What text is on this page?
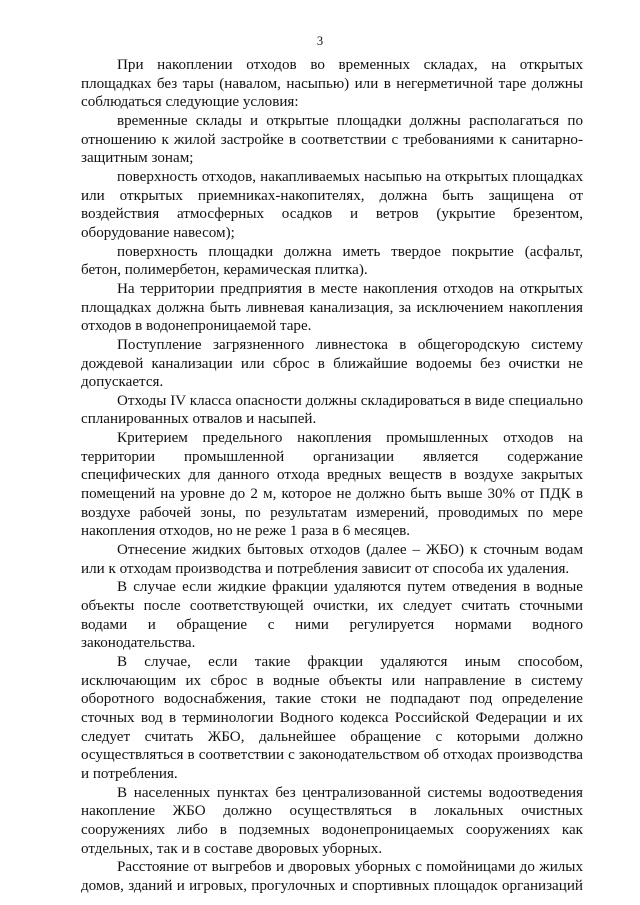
3

При накоплении отходов во временных складах, на открытых площадках без тары (навалом, насыпью) или в негерметичной таре должны соблюдаться следующие условия:

временные склады и открытые площадки должны располагаться по отношению к жилой застройке в соответствии с требованиями к санитарно-защитным зонам;

поверхность отходов, накапливаемых насыпью на открытых площадках или открытых приемниках-накопителях, должна быть защищена от воздействия атмосферных осадков и ветров (укрытие брезентом, оборудование навесом);

поверхность площадки должна иметь твердое покрытие (асфальт, бетон, полимербетон, керамическая плитка).

На территории предприятия в месте накопления отходов на открытых площадках должна быть ливневая канализация, за исключением накопления отходов в водонепроницаемой таре.

Поступление загрязненного ливнестока в общегородскую систему дождевой канализации или сброс в ближайшие водоемы без очистки не допускается.

Отходы IV класса опасности должны складироваться в виде специально спланированных отвалов и насыпей.

Критерием предельного накопления промышленных отходов на территории промышленной организации является содержание специфических для данного отхода вредных веществ в воздухе закрытых помещений на уровне до 2 м, которое не должно быть выше 30% от ПДК в воздухе рабочей зоны, по результатам измерений, проводимых по мере накопления отходов, но не реже 1 раза в 6 месяцев.

Отнесение жидких бытовых отходов (далее – ЖБО) к сточным водам или к отходам производства и потребления зависит от способа их удаления.

В случае если жидкие фракции удаляются путем отведения в водные объекты после соответствующей очистки, их следует считать сточными водами и обращение с ними регулируется нормами водного законодательства.

В случае, если такие фракции удаляются иным способом, исключающим их сброс в водные объекты или направление в систему оборотного водоснабжения, такие стоки не подпадают под определение сточных вод в терминологии Водного кодекса Российской Федерации и их следует считать ЖБО, дальнейшее обращение с которыми должно осуществляться в соответствии с законодательством об отходах производства и потребления.

В населенных пунктах без централизованной системы водоотведения накопление ЖБО должно осуществляться в локальных очистных сооружениях либо в подземных водонепроницаемых сооружениях как отдельных, так и в составе дворовых уборных.

Расстояние от выгребов и дворовых уборных с помойницами до жилых домов, зданий и игровых, прогулочных и спортивных площадок организаций
